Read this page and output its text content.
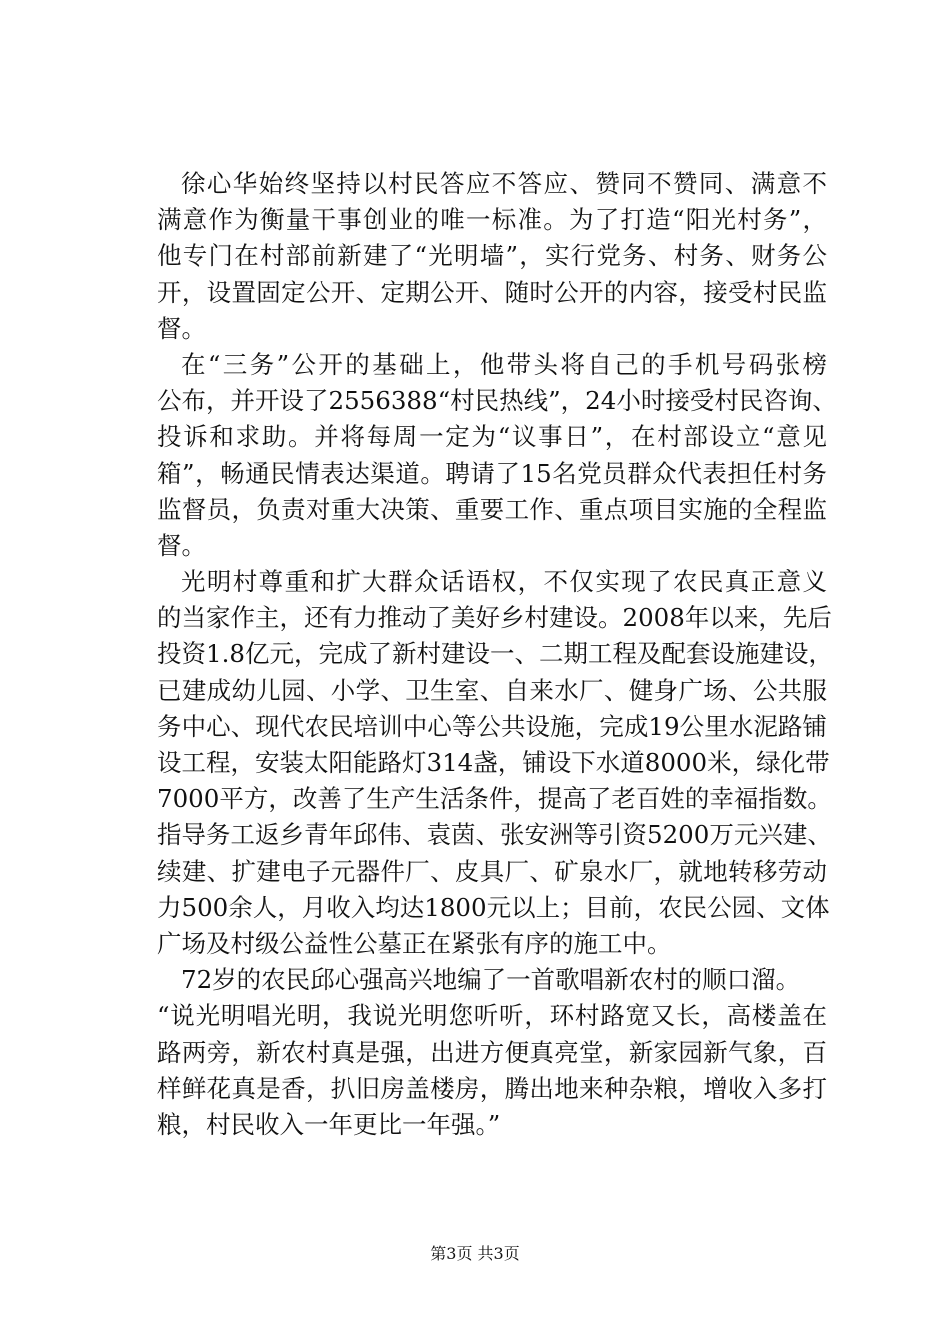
徐心华始终坚持以村民答应不答应、赞同不赞同、满意不
满意作为衡量干事创业的唯一标准。为了打造“阳光村务”，
他专门在村部前新建了“光明墙”，实行党务、村务、财务公
开，设置固定公开、定期公开、随时公开的内容，接受村民监
督。
在“三务”公开的基础上，他带头将自己的手机号码张榜
公布，并开设了2556388“村民热线”，24小时接受村民咨询、
投诉和求助。并将每周一定为“议事日”，在村部设立“意见
箱”，畅通民情表达渠道。聘请了15名党员群众代表担任村务
监督员，负责对重大决策、重要工作、重点项目实施的全程监
督。
光明村尊重和扩大群众话语权，不仅实现了农民真正意义
的当家作主，还有力推动了美好乡村建设。2008年以来，先后
投资1.8亿元，完成了新村建设一、二期工程及配套设施建设，
已建成幼儿园、小学、卫生室、自来水厂、健身广场、公共服
务中心、现代农民培训中心等公共设施，完成19公里水泥路铺
设工程，安装太阳能路灯314盏，铺设下水道8000米，绿化带
7000平方，改善了生产生活条件，提高了老百姓的幸福指数。
指导务工返乡青年邱伟、袁茵、张安洲等引资5200万元兴建、
续建、扩建电子元器件厂、皮具厂、矿泉水厂，就地转移劳动
力500余人，月收入均达1800元以上；目前，农民公园、文体
广场及村级公益性公墓正在紧张有序的施工中。
72岁的农民邱心强高兴地编了一首歌唱新农村的顺口溜。
“说光明唱光明，我说光明您听听，环村路宽又长，高楼盖在
路两旁，新农村真是强，出进方便真亮堂，新家园新气象，百
样鲜花真是香，扒旧房盖楼房，腾出地来种杂粮，增收入多打
粮，村民收入一年更比一年强。”
第3页 共3页
